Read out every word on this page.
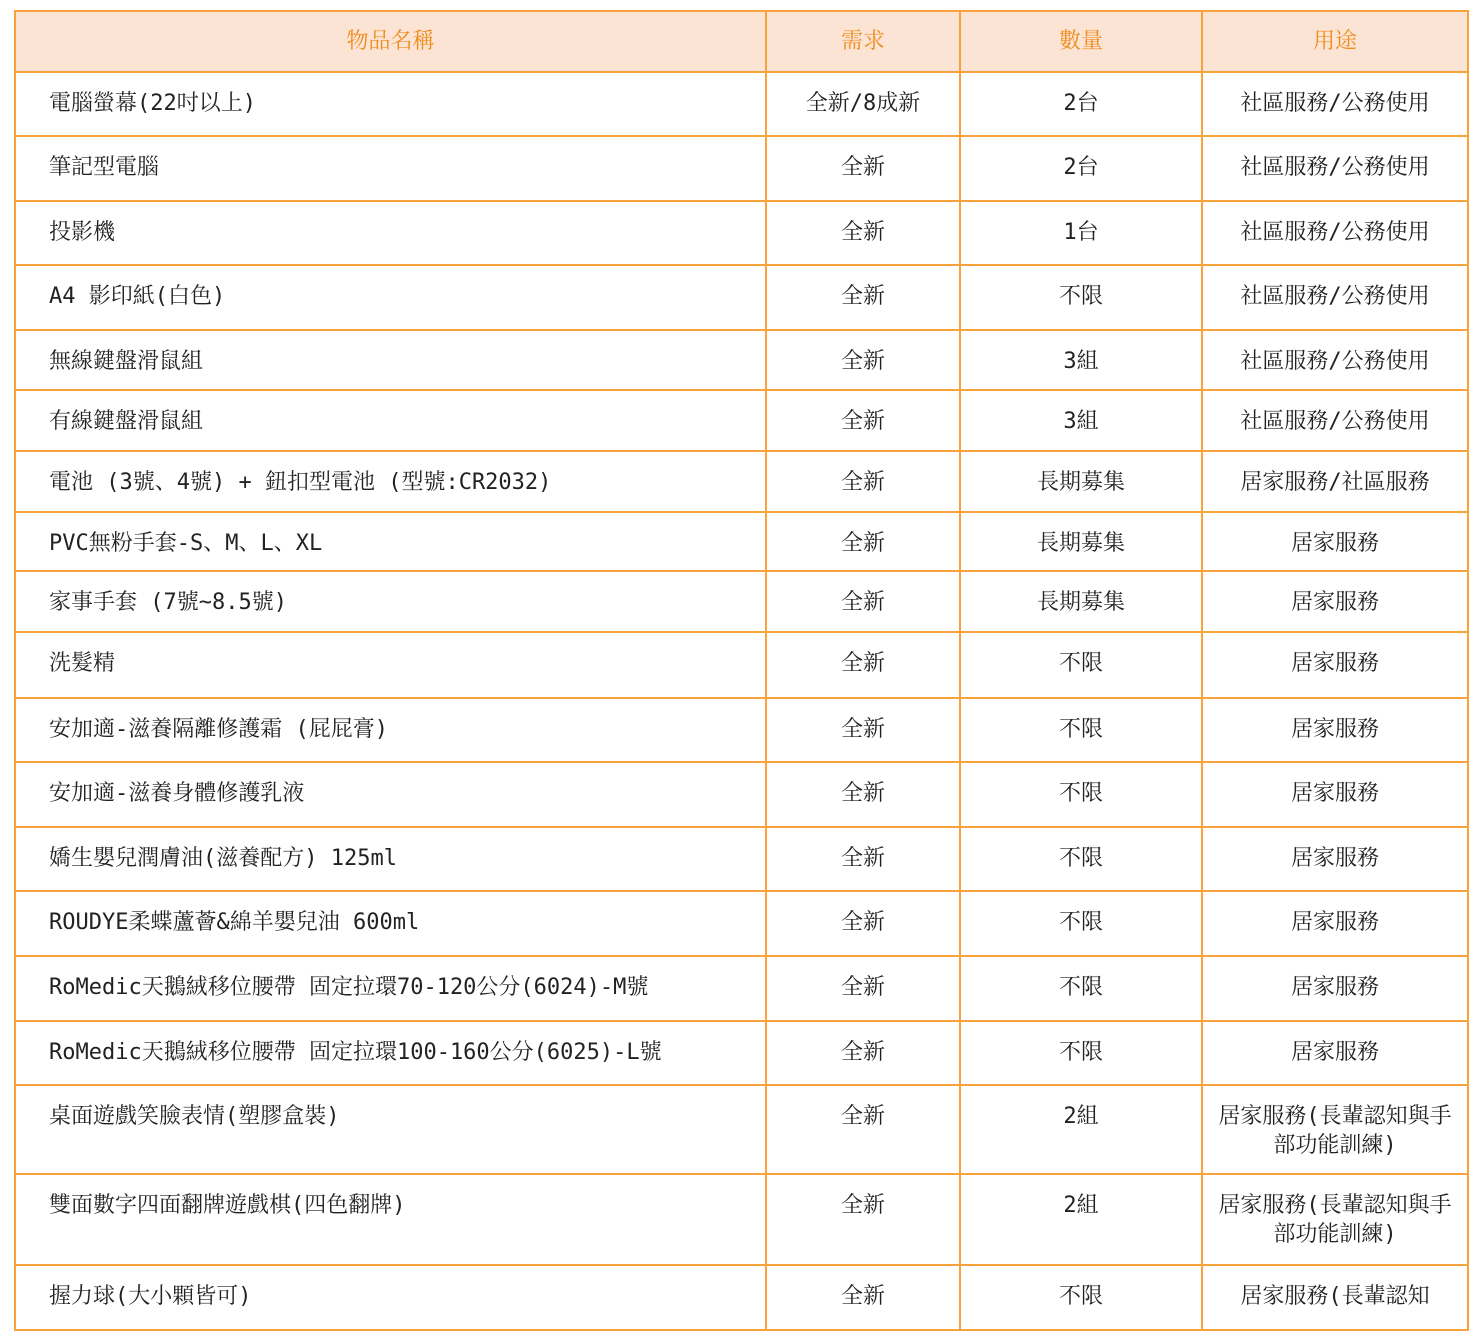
物品名稱	需求	數量	用途
電腦螢幕(22吋以上)	全新/8成新	2台	社區服務/公務使用
筆記型電腦	全新	2台	社區服務/公務使用
投影機	全新	1台	社區服務/公務使用
A4 影印紙(白色)	全新	不限	社區服務/公務使用
無線鍵盤滑鼠組	全新	3組	社區服務/公務使用
有線鍵盤滑鼠組	全新	3組	社區服務/公務使用
電池 (3號、4號) + 鈕扣型電池 (型號:CR2032)	全新	長期募集	居家服務/社區服務
PVC無粉手套-S、M、L、XL	全新	長期募集	居家服務
家事手套 (7號~8.5號)	全新	長期募集	居家服務
洗髮精	全新	不限	居家服務
安加適-滋養隔離修護霜 (屁屁膏)	全新	不限	居家服務
安加適-滋養身體修護乳液	全新	不限	居家服務
嬌生嬰兒潤膚油(滋養配方) 125ml	全新	不限	居家服務
ROUDYE柔蝶蘆薈&綿羊嬰兒油 600ml	全新	不限	居家服務
RoMedic天鵝絨移位腰帶 固定拉環70-120公分(6024)-M號	全新	不限	居家服務
RoMedic天鵝絨移位腰帶 固定拉環100-160公分(6025)-L號	全新	不限	居家服務
桌面遊戲笑臉表情(塑膠盒裝)	全新	2組	居家服務(長輩認知與手部功能訓練)
雙面數字四面翻牌遊戲棋(四色翻牌)	全新	2組	居家服務(長輩認知與手部功能訓練)
握力球(大小顆皆可)	全新	不限	居家服務(長輩認知
